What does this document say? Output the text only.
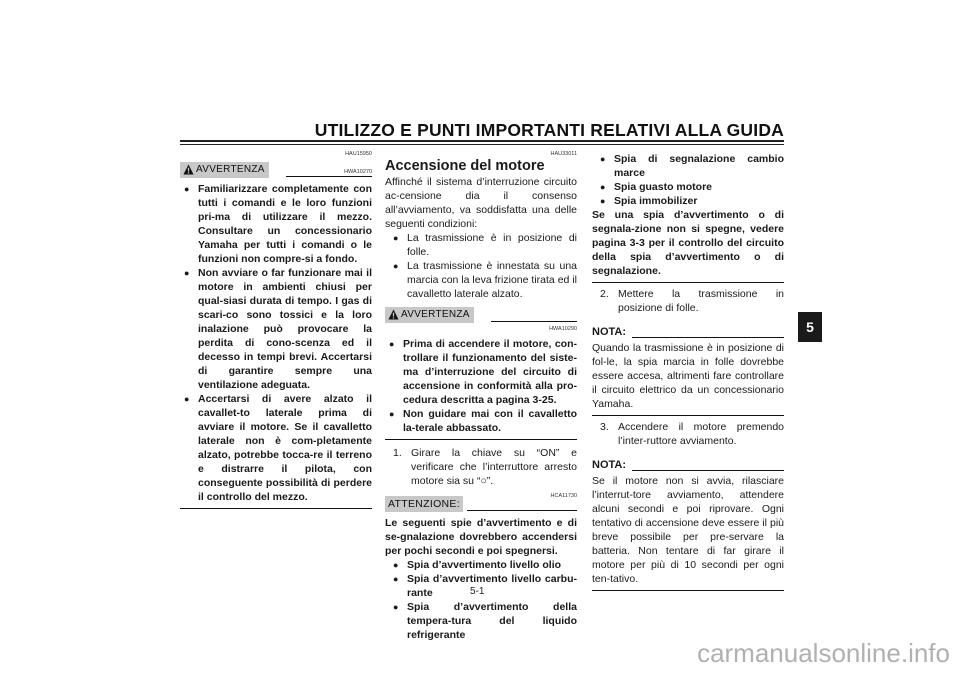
UTILIZZO E PUNTI IMPORTANTI RELATIVI ALLA GUIDA
5
HAU15950
AVVERTENZA	HWA10270
● Familiarizzare completamente con tutti i comandi e le loro funzioni pri-ma di utilizzare il mezzo. Consultare un concessionario Yamaha per tutti i comandi o le funzioni non compre-si a fondo.
● Non avviare o far funzionare mai il motore in ambienti chiusi per qual-siasi durata di tempo. I gas di scari-co sono tossici e la loro inalazione può provocare la perdita di cono-scenza ed il decesso in tempi brevi. Accertarsi di garantire sempre una ventilazione adeguata.
● Accertarsi di avere alzato il cavallet-to laterale prima di avviare il motore. Se il cavalletto laterale non è com-pletamente alzato, potrebbe tocca-re il terreno e distrarre il pilota, con conseguente possibilità di perdere il controllo del mezzo.
HAU33011
Accensione del motore
Affinché il sistema d’interruzione circuito ac-censione dia il consenso all’avviamento, va soddisfatta una delle seguenti condizioni:
● La trasmissione è in posizione di folle.
● La trasmissione è innestata su una marcia con la leva frizione tirata ed il cavalletto laterale alzato.
AVVERTENZA
HWA10290
● Prima di accendere il motore, con-trollare il funzionamento del siste-ma d’interruzione del circuito di accensione in conformità alla pro-cedura descritta a pagina 3-25.
● Non guidare mai con il cavalletto la-terale abbassato.
1. Girare la chiave su “ON” e verificare che l’interruttore arresto motore sia su “○”.
HCA11730
ATTENZIONE:
Le seguenti spie d’avvertimento e di se-gnalazione dovrebbero accendersi per pochi secondi e poi spegnersi.
● Spia d’avvertimento livello olio
● Spia d’avvertimento livello carbu-rante
● Spia d’avvertimento della tempera-tura del liquido refrigerante
● Spia di segnalazione cambio marce
● Spia guasto motore
● Spia immobilizer
Se una spia d’avvertimento o di segnala-zione non si spegne, vedere pagina 3-3 per il controllo del circuito della spia d’avvertimento o di segnalazione.
2. Mettere la trasmissione in posizione di folle.
NOTA:
Quando la trasmissione è in posizione di fol-le, la spia marcia in folle dovrebbe essere accesa, altrimenti fare controllare il circuito elettrico da un concessionario Yamaha.
3. Accendere il motore premendo l’inter-ruttore avviamento.
NOTA:
Se il motore non si avvia, rilasciare l’interrut-tore avviamento, attendere alcuni secondi e poi riprovare. Ogni tentativo di accensione deve essere il più breve possibile per pre-servare la batteria. Non tentare di far girare il motore per più di 10 secondi per ogni ten-tativo.
5-1
carmanualsonline.info
